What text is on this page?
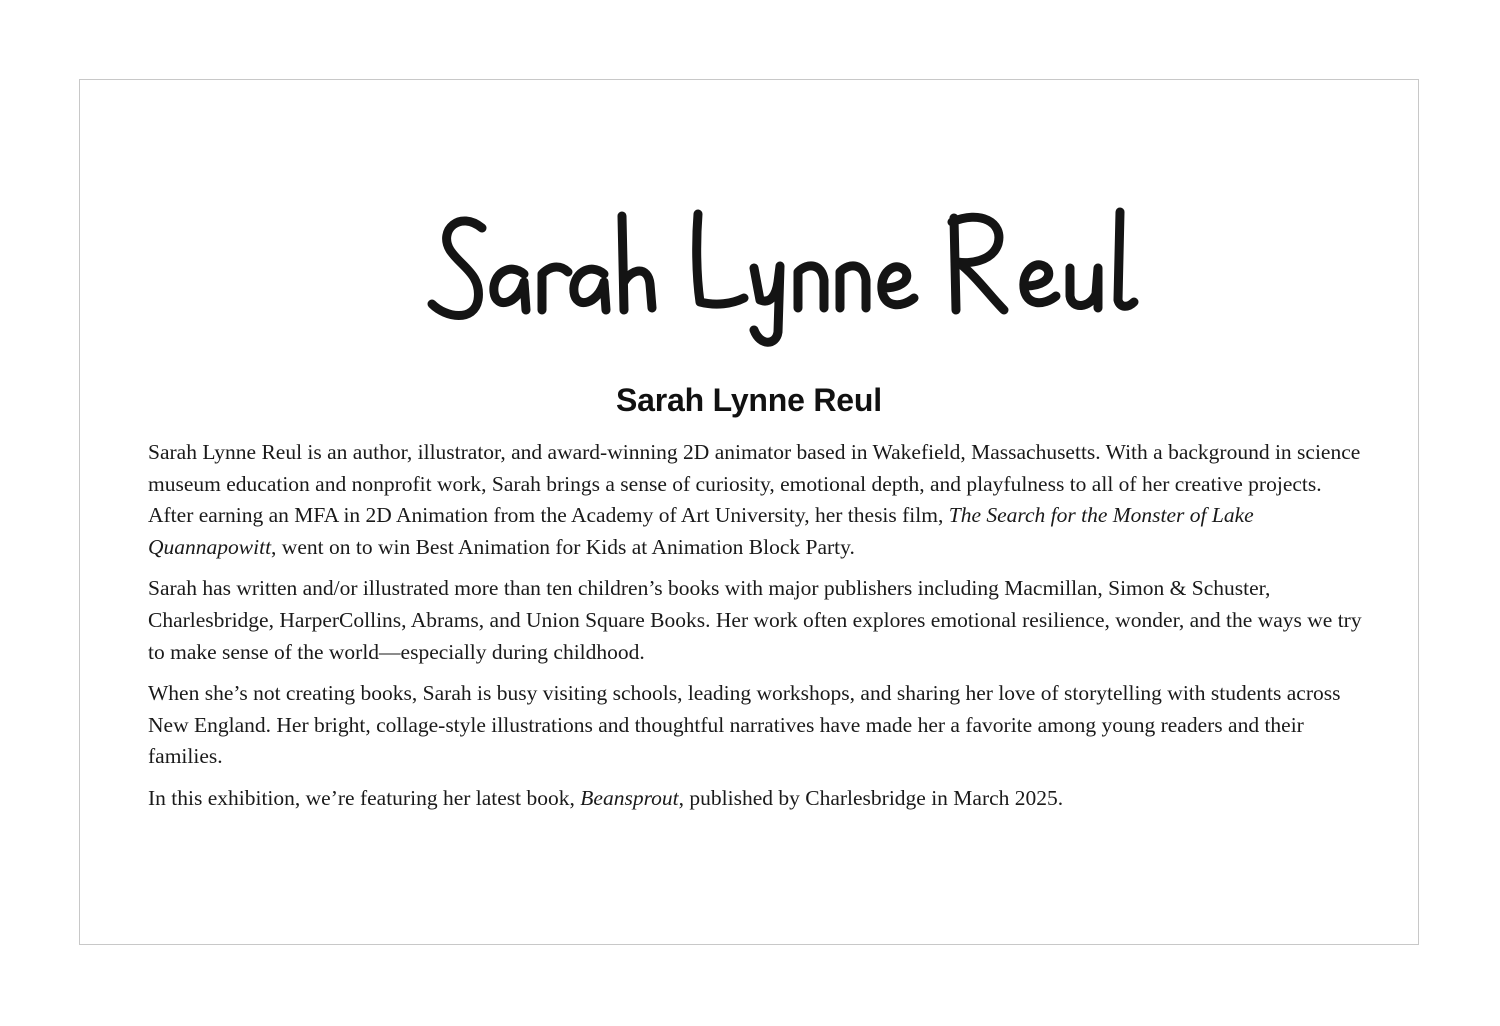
Sarah Lynne Reul

Sarah Lynne Reul is an author, illustrator, and award-winning 2D animator based in Wakefield, Massachusetts. With a background in science museum education and nonprofit work, Sarah brings a sense of curiosity, emotional depth, and playfulness to all of her creative projects. After earning an MFA in 2D Animation from the Academy of Art University, her thesis film, The Search for the Monster of Lake Quannapowitt, went on to win Best Animation for Kids at Animation Block Party.

Sarah has written and/or illustrated more than ten children’s books with major publishers including Macmillan, Simon & Schuster, Charlesbridge, HarperCollins, Abrams, and Union Square Books. Her work often explores emotional resilience, wonder, and the ways we try to make sense of the world—especially during childhood.

When she’s not creating books, Sarah is busy visiting schools, leading workshops, and sharing her love of storytelling with students across New England. Her bright, collage-style illustrations and thoughtful narratives have made her a favorite among young readers and their families.

In this exhibition, we’re featuring her latest book, Beansprout, published by Charlesbridge in March 2025.
